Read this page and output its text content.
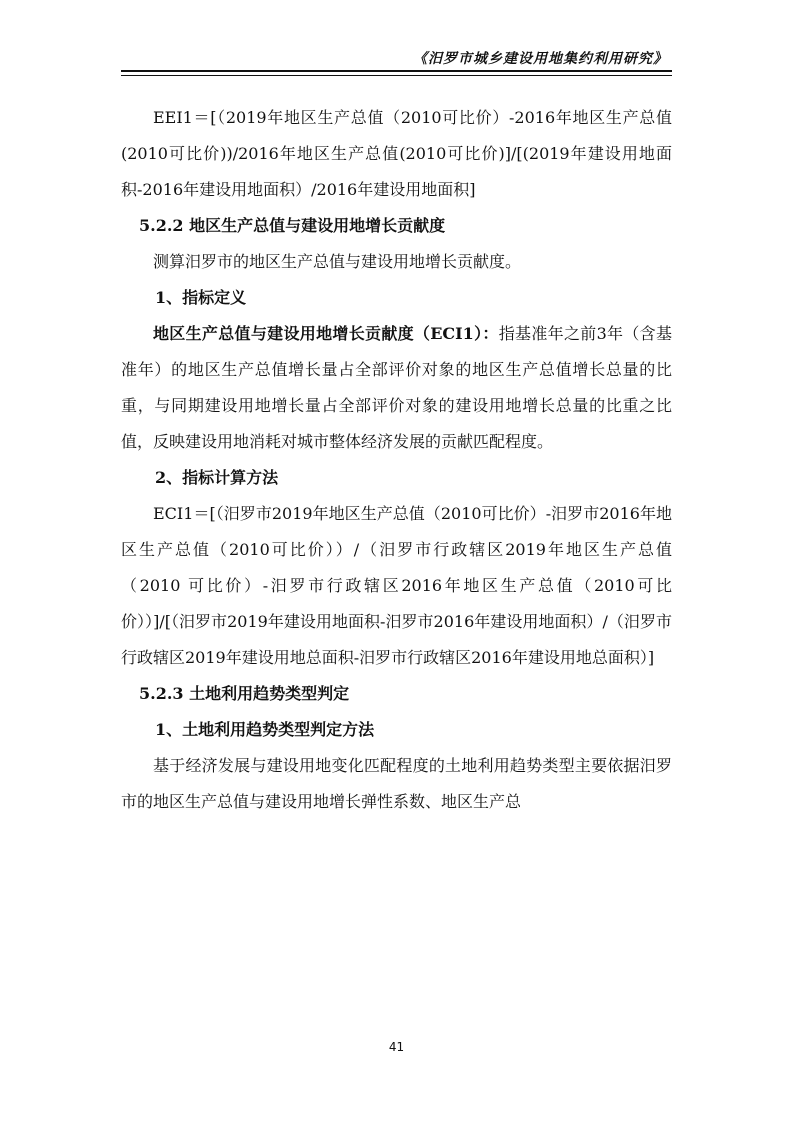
《汨罗市城乡建设用地集约利用研究》

EEI1＝[（2019年地区生产总值（2010可比价）-2016年地区生产总值(2010可比价))/2016年地区生产总值(2010可比价)]/[(2019年建设用地面积-2016年建设用地面积）/2016年建设用地面积]

5.2.2 地区生产总值与建设用地增长贡献度

测算汨罗市的地区生产总值与建设用地增长贡献度。

1、指标定义

地区生产总值与建设用地增长贡献度（ECI1）：指基准年之前3年（含基准年）的地区生产总值增长量占全部评价对象的地区生产总值增长总量的比重，与同期建设用地增长量占全部评价对象的建设用地增长总量的比重之比值，反映建设用地消耗对城市整体经济发展的贡献匹配程度。

2、指标计算方法

ECI1＝[（汨罗市2019年地区生产总值（2010可比价）-汨罗市2016年地区生产总值（2010可比价））/（汨罗市行政辖区2019年地区生产总值（2010 可比价）-汨罗市行政辖区2016年地区生产总值（2010可比价））]/[（汨罗市2019年建设用地面积-汨罗市2016年建设用地面积）/（汨罗市行政辖区2019年建设用地总面积-汨罗市行政辖区2016年建设用地总面积）]

5.2.3 土地利用趋势类型判定

1、土地利用趋势类型判定方法

基于经济发展与建设用地变化匹配程度的土地利用趋势类型主要依据汨罗市的地区生产总值与建设用地增长弹性系数、地区生产总

41
